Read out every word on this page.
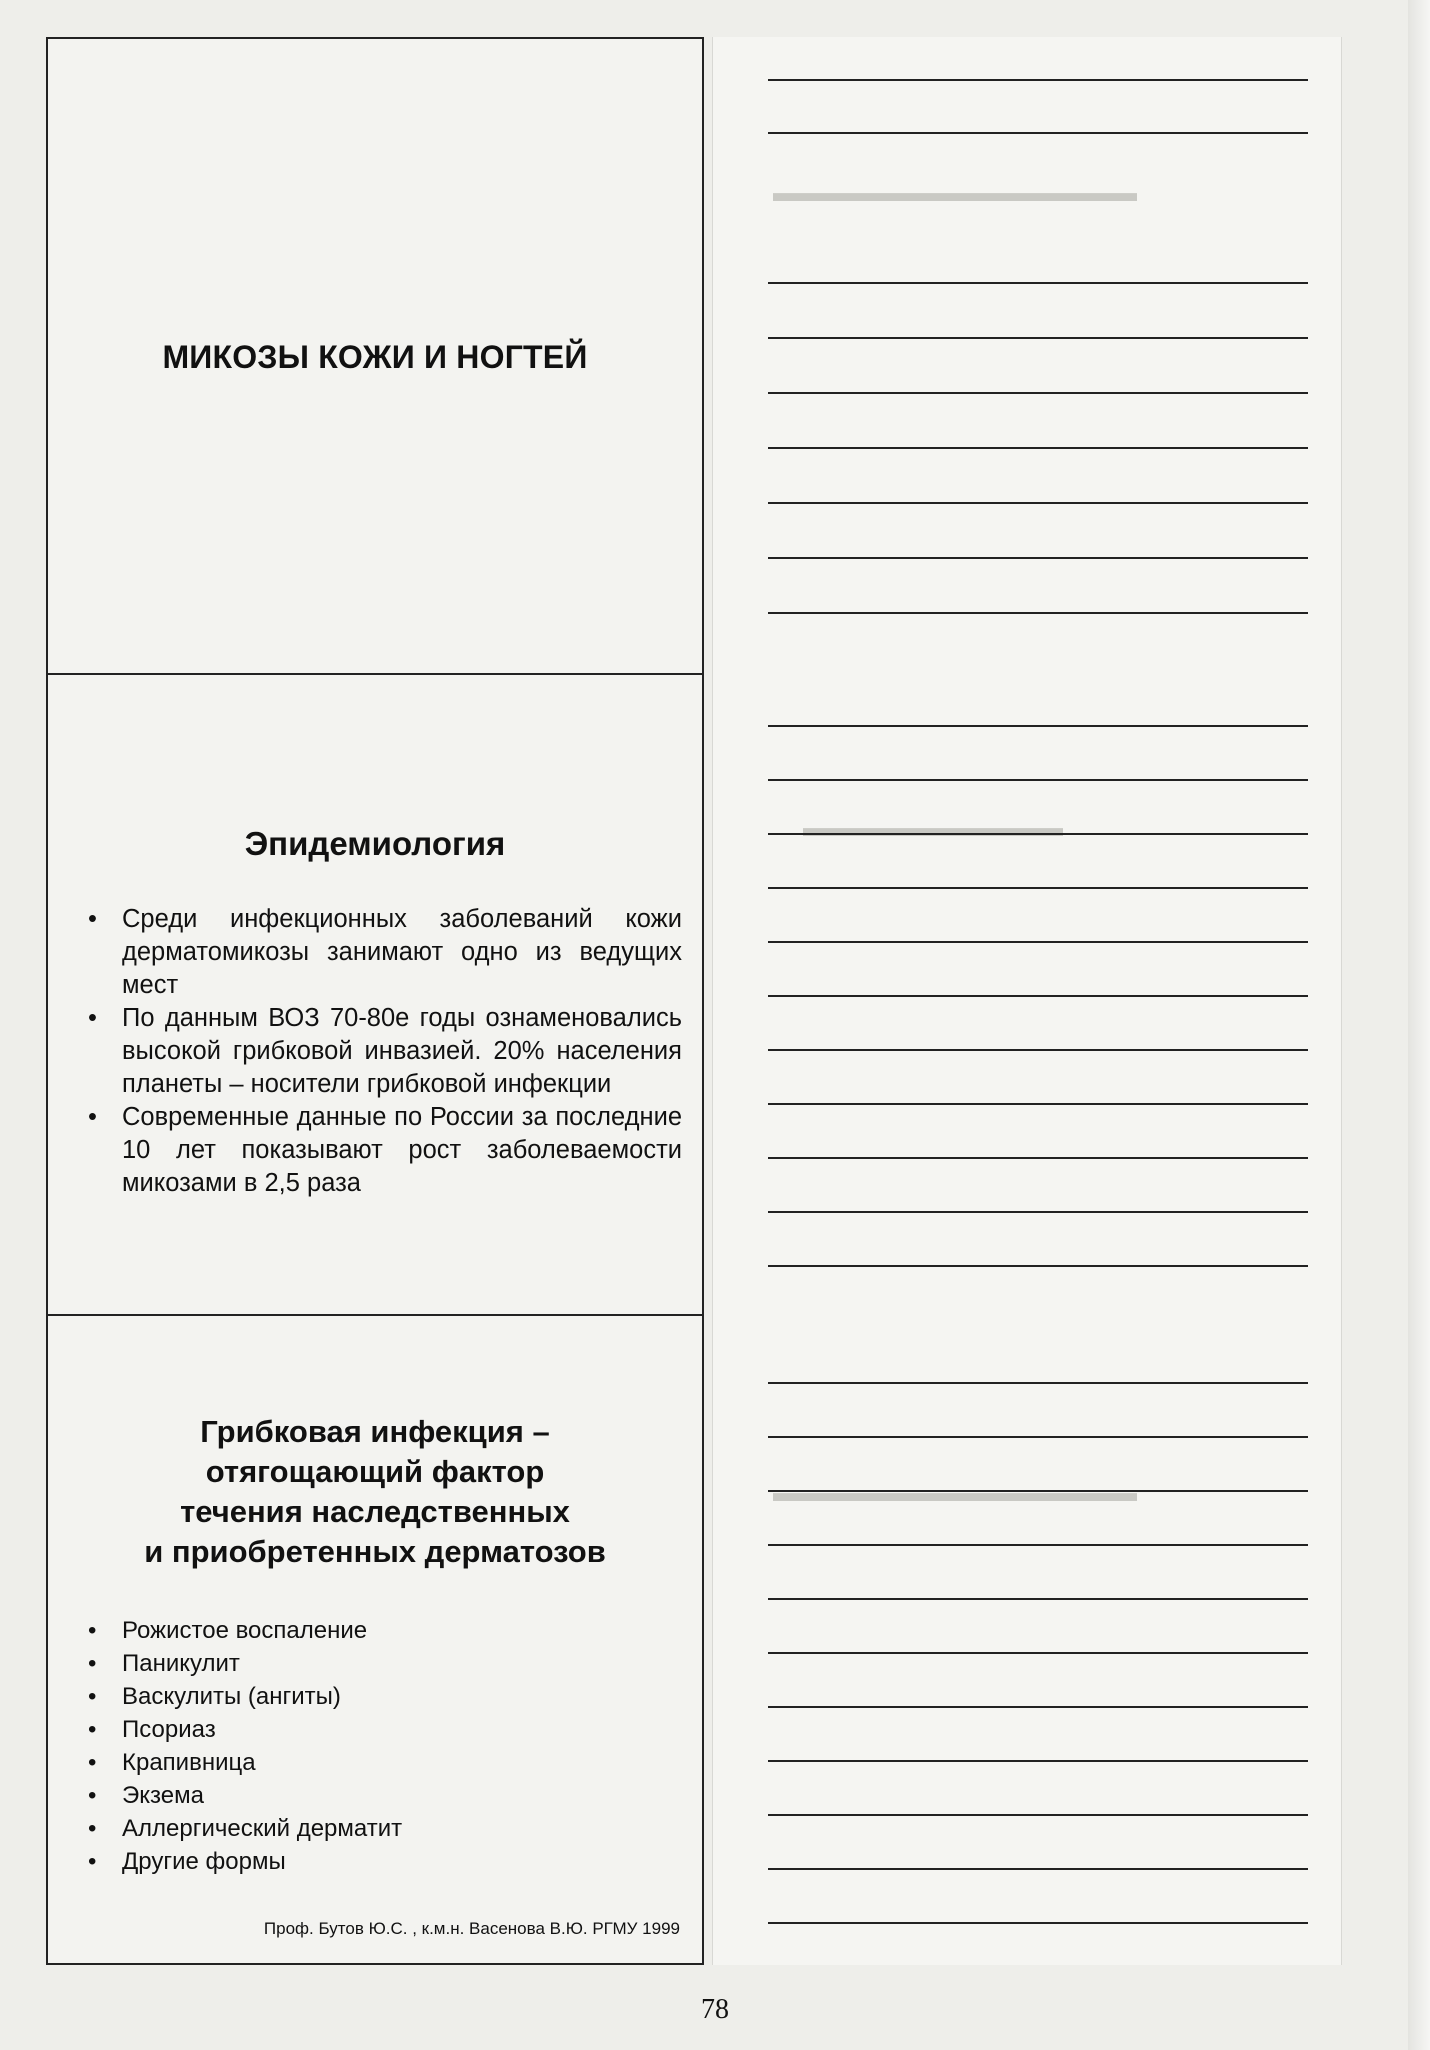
МИКОЗЫ КОЖИ И НОГТЕЙ
Эпидемиология
• Среди инфекционных заболеваний кожи дерматомикозы занимают одно из ведущих мест
• По данным ВОЗ 70-80е годы ознаменовались высокой грибковой инвазией. 20% населения планеты – носители грибковой инфекции
• Современные данные по России за последние 10 лет показывают рост заболеваемости микозами в 2,5 раза
Грибковая инфекция –
отягощающий фактор
течения наследственных
и приобретенных дерматозов
• Рожистое воспаление
• Паникулит
• Васкулиты (ангиты)
• Псориаз
• Крапивница
• Экзема
• Аллергический дерматит
• Другие формы

Проф. Бутов Ю.С. , к.м.н. Васенова В.Ю. РГМУ 1999

▬▬▬▬▬▬▬▬▬▬▬▬▬▬
▬▬▬▬▬▬▬▬▬▬
▬▬▬▬▬▬▬▬▬▬▬▬▬▬

78
